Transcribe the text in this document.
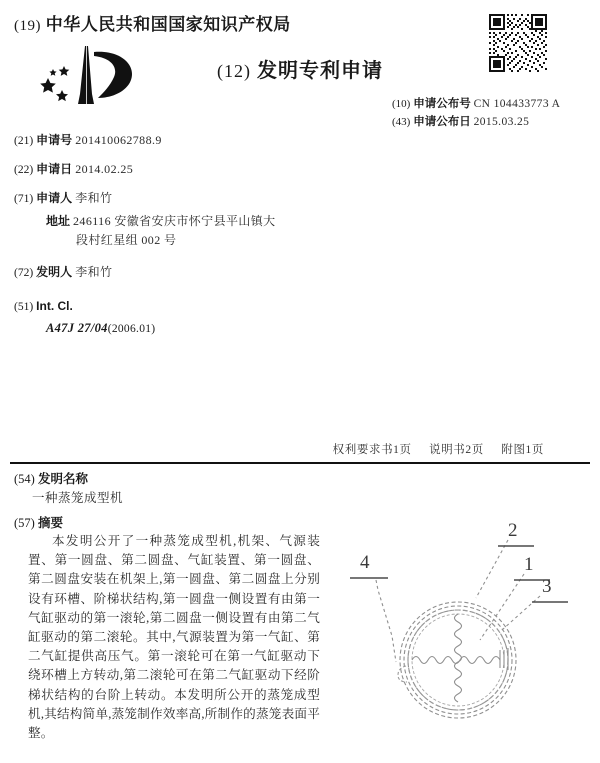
(19) 中华人民共和国国家知识产权局
(12) 发明专利申请
(10) 申请公布号 CN 104433773 A
(43) 申请公布日 2015.03.25
(21) 申请号 201410062788.9
(22) 申请日 2014.02.25
(71) 申请人 李和竹
地址 246116 安徽省安庆市怀宁县平山镇大
段村红星组 002 号
(72) 发明人 李和竹
(51) Int. Cl.
A47J 27/04(2006.01)
权利要求书1页 说明书2页 附图1页
(54) 发明名称
一种蒸笼成型机
(57) 摘要
本发明公开了一种蒸笼成型机,机架、气源装置、第一圆盘、第二圆盘、气缸装置、第一圆盘、第二圆盘安装在机架上,第一圆盘、第二圆盘上分别设有环槽、阶梯状结构,第一圆盘一侧设置有由第一气缸驱动的第一滚轮,第二圆盘一侧设置有由第二气缸驱动的第二滚轮。其中,气源装置为第一气缸、第二气缸提供高压气。第一滚轮可在第一气缸驱动下绕环槽上方转动,第二滚轮可在第二气缸驱动下经阶梯状结构的台阶上转动。本发明所公开的蒸笼成型机,其结构简单,蒸笼制作效率高,所制作的蒸笼表面平整。
2
1
3
4
